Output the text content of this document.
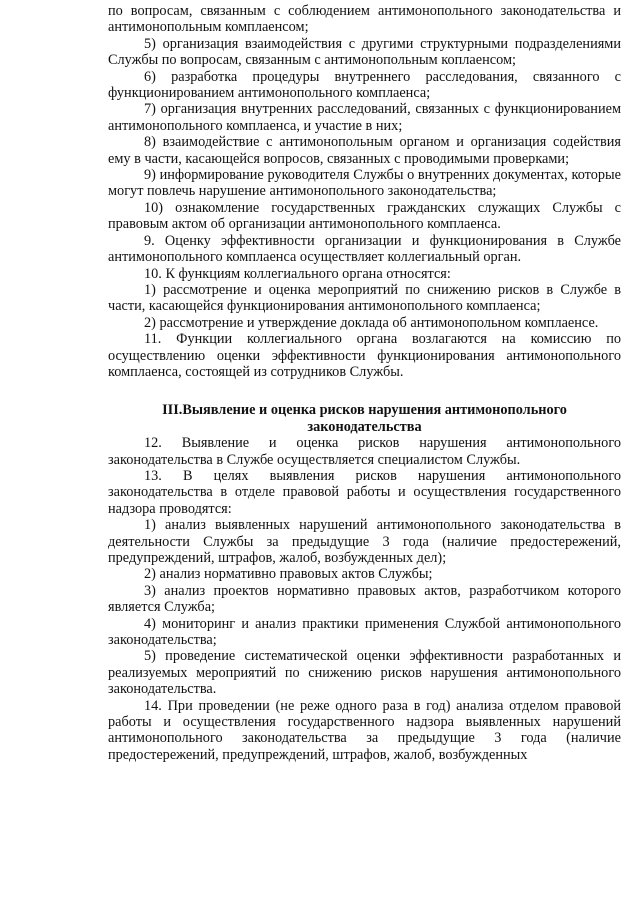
по вопросам, связанным с соблюдением антимонопольного законодательства и антимонопольным комплаенсом;

5) организация взаимодействия с другими структурными подразделениями Службы по вопросам, связанным с антимонопольным коплаенсом;

6) разработка процедуры внутреннего расследования, связанного с функционированием антимонопольного комплаенса;

7) организация внутренних расследований, связанных с функционированием антимонопольного комплаенса, и участие в них;

8) взаимодействие с антимонопольным органом и организация содействия ему в части, касающейся вопросов, связанных с проводимыми проверками;

9) информирование руководителя Службы о внутренних документах, которые могут повлечь нарушение антимонопольного законодательства;

10) ознакомление государственных гражданских служащих Службы с правовым актом об организации антимонопольного комплаенса.

9. Оценку эффективности организации и функционирования в Службе антимонопольного комплаенса осуществляет коллегиальный орган.

10. К функциям коллегиального органа относятся:

1) рассмотрение и оценка мероприятий по снижению рисков в Службе в части, касающейся функционирования антимонопольного комплаенса;

2) рассмотрение и утверждение доклада об антимонопольном комплаенсе.

11. Функции коллегиального органа возлагаются на комиссию по осуществлению оценки эффективности функционирования антимонопольного комплаенса, состоящей из сотрудников Службы.

III.Выявление и оценка рисков нарушения антимонопольного законодательства

12. Выявление и оценка рисков нарушения антимонопольного законодательства в Службе осуществляется специалистом Службы.

13. В целях выявления рисков нарушения антимонопольного законодательства в отделе правовой работы и осуществления государственного надзора проводятся:

1) анализ выявленных нарушений антимонопольного законодательства в деятельности Службы за предыдущие 3 года (наличие предостережений, предупреждений, штрафов, жалоб, возбужденных дел);

2) анализ нормативно правовых актов Службы;

3) анализ проектов нормативно правовых актов, разработчиком которого является Служба;

4) мониторинг и анализ практики применения Службой антимонопольного законодательства;

5) проведение систематической оценки эффективности разработанных и реализуемых мероприятий по снижению рисков нарушения антимонопольного законодательства.

14. При проведении (не реже одного раза в год) анализа отделом правовой работы и осуществления государственного надзора выявленных нарушений антимонопольного законодательства за предыдущие 3 года (наличие предостережений, предупреждений, штрафов, жалоб, возбужденных
